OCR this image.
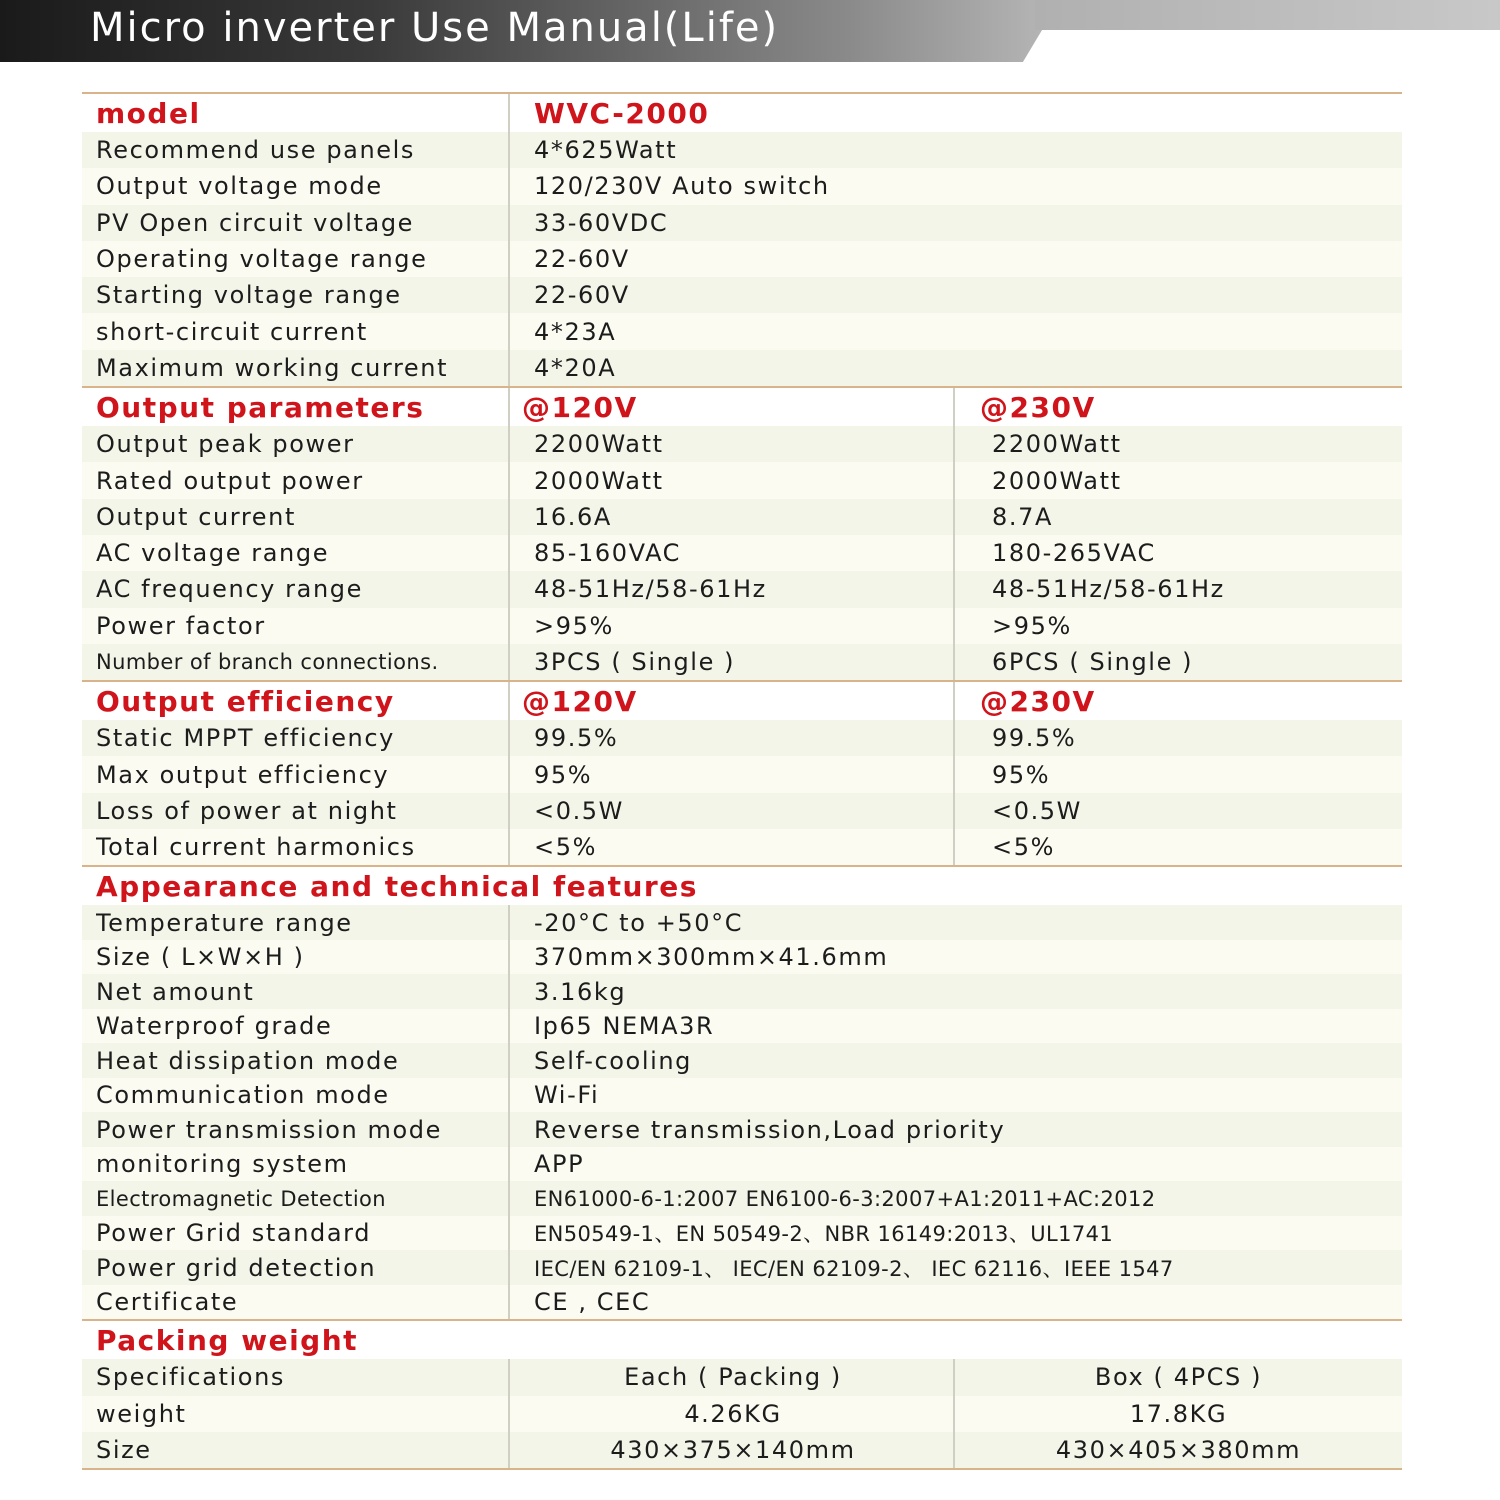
Micro inverter Use Manual(Life)
model	WVC-2000
Recommend use panels	4*625Watt
Output voltage mode	120/230V Auto switch
PV Open circuit voltage	33-60VDC
Operating voltage range	22-60V
Starting voltage range	22-60V
short-circuit current	4*23A
Maximum working current	4*20A
Output parameters	@120V	@230V
Output peak power	2200Watt	2200Watt
Rated output power	2000Watt	2000Watt
Output current	16.6A	8.7A
AC voltage range	85-160VAC	180-265VAC
AC frequency range	48-51Hz/58-61Hz	48-51Hz/58-61Hz
Power factor	>95%	>95%
Number of branch connections.	3PCS ( Single )	6PCS ( Single )
Output efficiency	@120V	@230V
Static MPPT efficiency	99.5%	99.5%
Max output efficiency	95%	95%
Loss of power at night	<0.5W	<0.5W
Total current harmonics	<5%	<5%
Appearance and technical features
Temperature range	-20°C to +50°C
Size ( L×W×H )	370mm×300mm×41.6mm
Net amount	3.16kg
Waterproof grade	Ip65 NEMA3R
Heat dissipation mode	Self-cooling
Communication mode	Wi-Fi
Power transmission mode	Reverse transmission,Load priority
monitoring system	APP
Electromagnetic Detection	EN61000-6-1:2007 EN6100-6-3:2007+A1:2011+AC:2012
Power Grid standard	EN50549-1、EN 50549-2、NBR 16149:2013、UL1741
Power grid detection	IEC/EN 62109-1、 IEC/EN 62109-2、 IEC 62116、IEEE 1547
Certificate	CE , CEC
Packing weight
Specifications	Each ( Packing )	Box ( 4PCS )
weight	4.26KG	17.8KG
Size	430×375×140mm	430×405×380mm
